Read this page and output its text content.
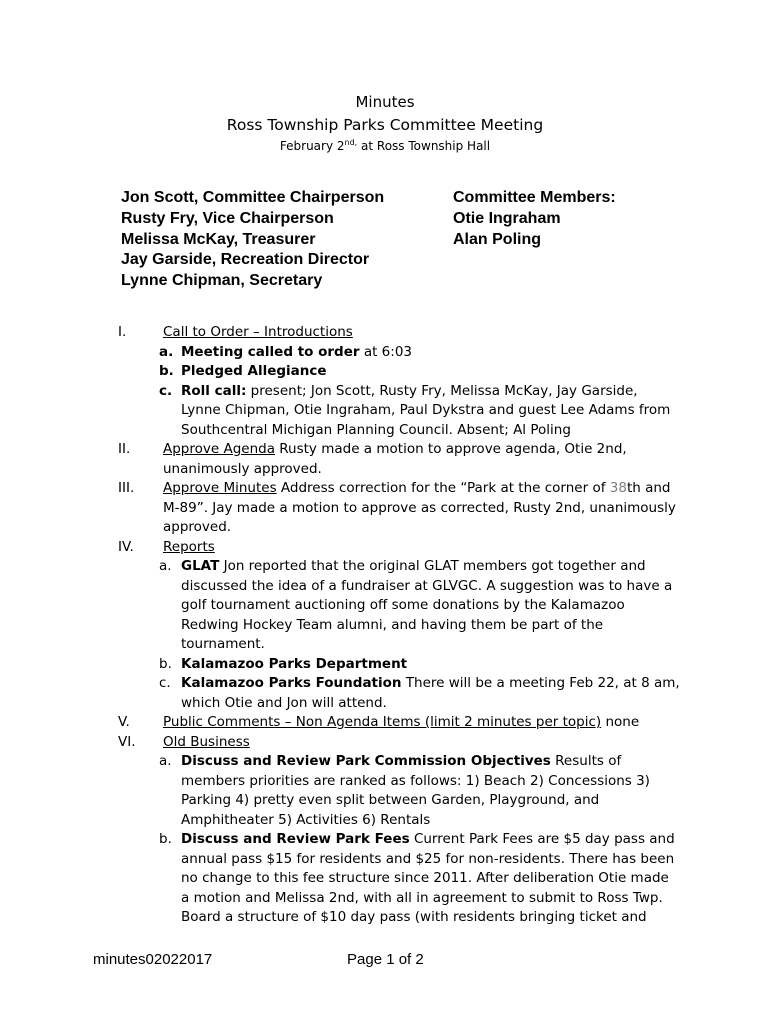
Minutes
Ross Township Parks Committee Meeting
February $2^{nd,}$ at Ross Township Hall
Jon Scott, Committee Chairperson
Rusty Fry, Vice Chairperson
Melissa McKay, Treasurer
Jay Garside, Recreation Director
Lynne Chipman, Secretary
Committee Members:
Otie Ingraham
Alan Poling
I.	Call to Order – Introductions
a. Meeting called to order at 6:03
b. Pledged Allegiance
c. Roll call: present; Jon Scott, Rusty Fry, Melissa McKay, Jay Garside, Lynne Chipman, Otie Ingraham, Paul Dykstra and guest Lee Adams from Southcentral Michigan Planning Council. Absent; Al Poling
II. Approve Agenda Rusty made a motion to approve agenda, Otie 2nd, unanimously approved.
III. Approve Minutes Address correction for the “Park at the corner of 38th and M-89”. Jay made a motion to approve as corrected, Rusty 2nd, unanimously approved.
IV. Reports
a. GLAT Jon reported that the original GLAT members got together and discussed the idea of a fundraiser at GLVGC. A suggestion was to have a golf tournament auctioning off some donations by the Kalamazoo Redwing Hockey Team alumni, and having them be part of the tournament.
b. Kalamazoo Parks Department
c. Kalamazoo Parks Foundation There will be a meeting Feb 22, at 8 am, which Otie and Jon will attend.
V. Public Comments – Non Agenda Items (limit 2 minutes per topic) none
VI. Old Business
a. Discuss and Review Park Commission Objectives Results of members priorities are ranked as follows: 1) Beach 2) Concessions 3) Parking 4) pretty even split between Garden, Playground, and Amphitheater 5) Activities 6) Rentals
b. Discuss and Review Park Fees Current Park Fees are $5 day pass and annual pass $15 for residents and $25 for non-residents. There has been no change to this fee structure since 2011. After deliberation Otie made a motion and Melissa 2nd, with all in agreement to submit to Ross Twp. Board a structure of $10 day pass (with residents bringing ticket and
minutes02022017	Page 1 of 2
